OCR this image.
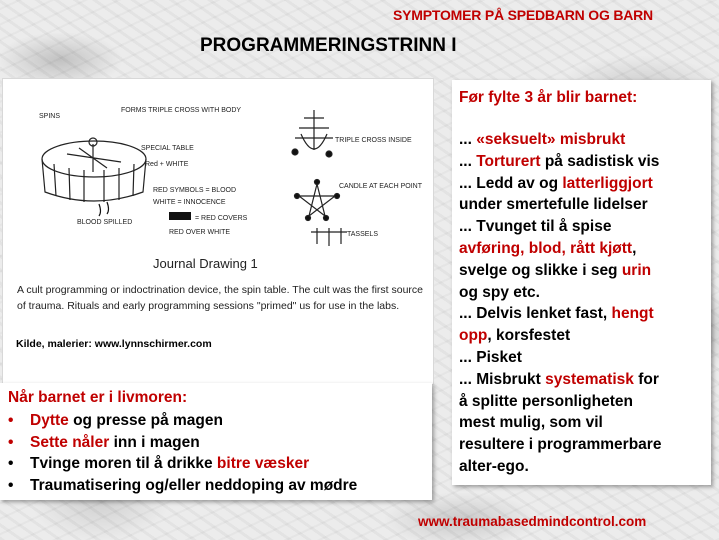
SYMPTOMER PÅ SPEDBARN OG BARN
PROGRAMMERINGSTRINN I
SPINS
FORMS TRIPLE CROSS WITH BODY
SPECIAL TABLE
Red + WHITE
TRIPLE CROSS INSIDE
RED SYMBOLS = BLOOD
WHITE = INNOCENCE
= RED COVERS
RED OVER WHITE
BLOOD SPILLED
CANDLE AT EACH POINT
TASSELS
Journal Drawing 1
A cult programming or indoctrination device, the spin table. The cult was the first source of trauma. Rituals and early programming sessions "primed" us for use in the labs.
Kilde, malerier: www.lynnschirmer.com
Når barnet er i livmoren:
• Dytte og presse på magen
• Sette nåler inn i magen
• Tvinge moren til å drikke bitre væsker
• Traumatisering og/eller neddoping av mødre
Før fylte 3 år blir barnet:
... «seksuelt» misbrukt
... Torturert på sadistisk vis
... Ledd av og latterliggjort
under smertefulle lidelser
... Tvunget til å spise
avføring, blod, rått kjøtt,
svelge og slikke i seg urin
og spy etc.
... Delvis lenket fast, hengt
opp, korsfestet
... Pisket
... Misbrukt systematisk for
å splitte personligheten
mest mulig, som vil
resultere i programmerbare
alter-ego.
www.traumabasedmindcontrol.com
